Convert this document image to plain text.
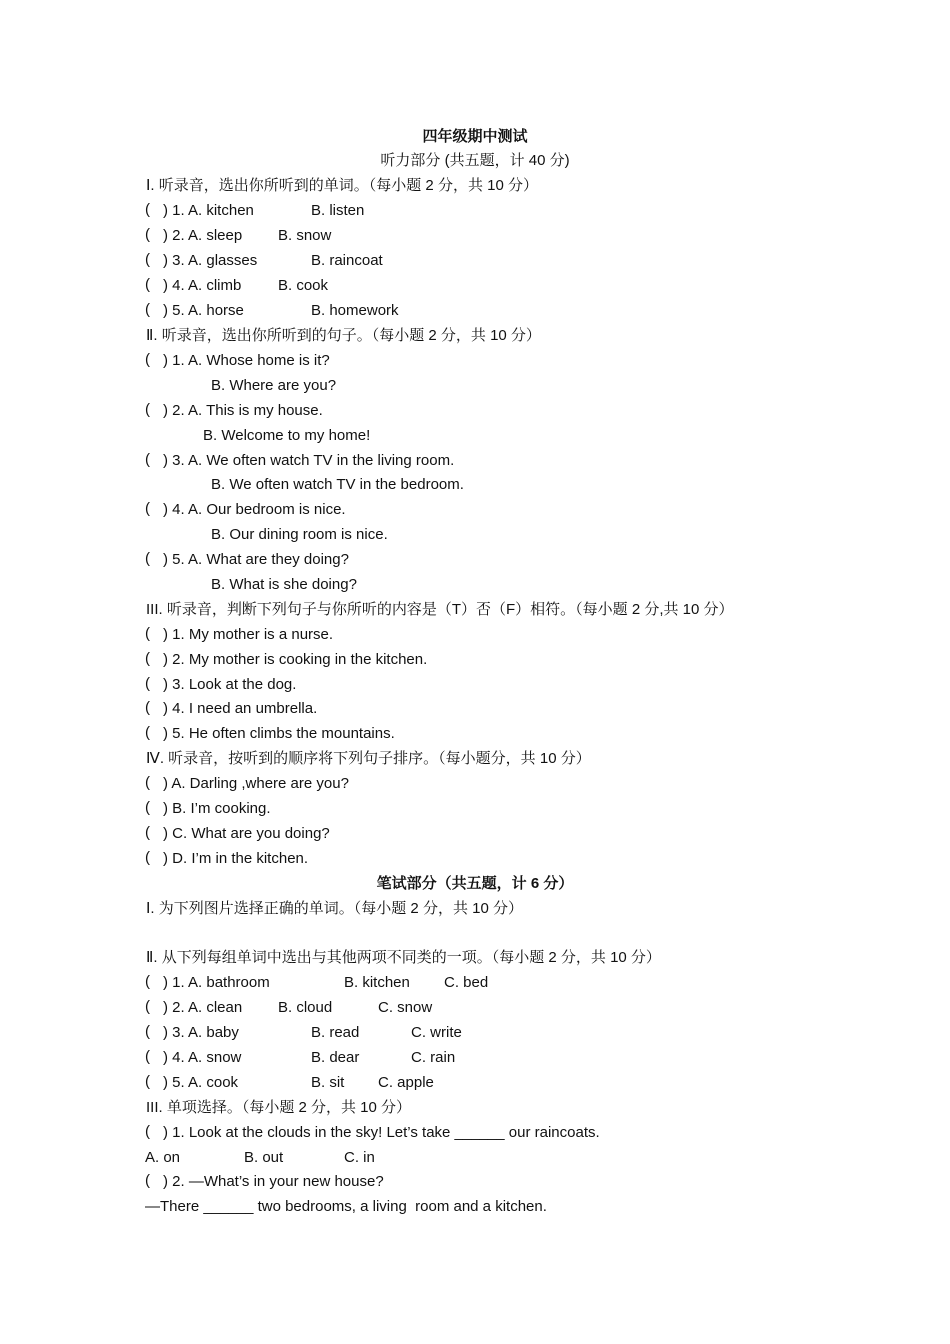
四年级期中测试
听力部分 (共五题，计 40 分)
Ⅰ. 听录音，选出你所听到的单词。（每小题 2 分，共 10 分）
( ) 1. A. kitchen	B. listen
( ) 2. A. sleep B. snow
( ) 3. A. glasses	B. raincoat
( ) 4. A. climb B. cook
( ) 5. A. horse	B. homework
Ⅱ. 听录音，选出你所听到的句子。（每小题 2 分，共 10 分）
( ) 1. A. Whose home is it?
B. Where are you?
( ) 2. A. This is my house.
B. Welcome to my home!
( ) 3. A. We often watch TV in the living room.
B. We often watch TV in the bedroom.
( ) 4. A. Our bedroom is nice.
B. Our dining room is nice.
( ) 5. A. What are they doing?
B. What is she doing?
III. 听录音，判断下列句子与你所听的内容是（T）否（F）相符。（每小题 2 分,共 10 分）
( ) 1. My mother is a nurse.
( ) 2. My mother is cooking in the kitchen.
( ) 3. Look at the dog.
( ) 4. I need an umbrella.
( ) 5. He often climbs the mountains.
Ⅳ. 听录音，按听到的顺序将下列句子排序。（每小题分，共 10 分）
( ) A. Darling ,where are you?
( ) B. I’m cooking.
( ) C. What are you doing?
( ) D. I’m in the kitchen.
笔试部分（共五题，计 6 分）
Ⅰ. 为下列图片选择正确的单词。（每小题 2 分，共 10 分）
Ⅱ. 从下列每组单词中选出与其他两项不同类的一项。（每小题 2 分，共 10 分）
( ) 1. A. bathroom	B. kitchen C. bed
( ) 2. A. clean B. cloud	C. snow
( ) 3. A. baby	B. read	C. write
( ) 4. A. snow	B. dear	C. rain
( ) 5. A. cook	B. sit C. apple
III. 单项选择。（每小题 2 分，共 10 分）
( ) 1. Look at the clouds in the sky! Let’s take ______ our raincoats.
A. on	B. out	C. in
( ) 2. —What’s in your new house?
—There ______ two bedrooms, a living  room and a kitchen.
